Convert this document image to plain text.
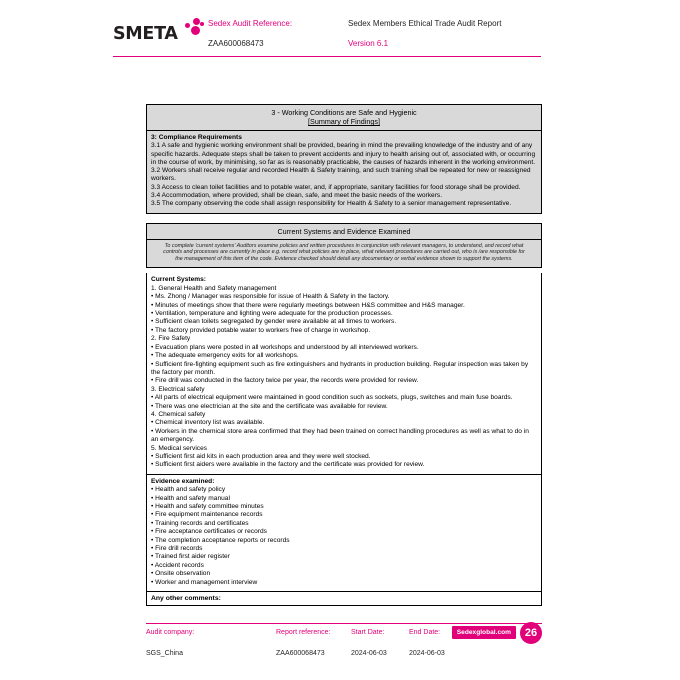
SMETA
Sedex Audit Reference:
ZAA600068473
Sedex Members Ethical Trade Audit Report
Version 6.1
3 - Working Conditions are Safe and Hygienic
[Summary of Findings]

3: Compliance Requirements

3.1 A safe and hygienic working environment shall be provided, bearing in mind the prevailing knowledge of the industry and of any specific hazards. Adequate steps shall be taken to prevent accidents and injury to health arising out of, associated with, or occurring in the course of work, by minimising, so far as is reasonably practicable, the causes of hazards inherent in the working environment.

3.2 Workers shall receive regular and recorded Health & Safety training, and such training shall be repeated for new or reassigned workers.

3.3 Access to clean toilet facilities and to potable water, and, if appropriate, sanitary facilities for food storage shall be provided.

3.4 Accommodation, where provided, shall be clean, safe, and meet the basic needs of the workers.

3.5 The company observing the code shall assign responsibility for Health & Safety to a senior management representative.

Current Systems and Evidence Examined
To complete 'current systems' Auditors examine policies and written procedures in conjunction with relevant managers, to understand, and record what controls and processes are currently in place e.g. record what policies are in place, what relevant procedures are carried out, who is /are responsible for the management of this item of the code. Evidence checked should detail any documentary or verbal evidence shown to support the systems.

Current Systems:

1. General Health and Safety management

• Ms. Zhong / Manager was responsible for issue of Health & Safety in the factory.

• Minutes of meetings show that there were regularly meetings between H&S committee and H&S manager.

• Ventilation, temperature and lighting were adequate for the production processes.

• Sufficient clean toilets segregated by gender were available at all times to workers.

• The factory provided potable water to workers free of charge in workshop.

2. Fire Safety

• Evacuation plans were posted in all workshops and understood by all interviewed workers.

• The adequate emergency exits for all workshops.

• Sufficient fire-fighting equipment such as fire extinguishers and hydrants in production building. Regular inspection was taken by the factory per month.

• Fire drill was conducted in the factory twice per year, the records were provided for review.

3. Electrical safety

• All parts of electrical equipment were maintained in good condition such as sockets, plugs, switches and main fuse boards.

• There was one electrician at the site and the certificate was available for review.

4. Chemical safety

• Chemical inventory list was available.

• Workers in the chemical store area confirmed that they had been trained on correct handling procedures as well as what to do in an emergency.

5. Medical services

• Sufficient first aid kits in each production area and they were well stocked.

• Sufficient first aiders were available in the factory and the certificate was provided for review.

Evidence examined:

• Health and safety policy

• Health and safety manual

• Health and safety committee minutes

• Fire equipment maintenance records

• Training records and certificates

• Fire acceptance certificates or records

• The completion acceptance reports or records

• Fire drill records

• Trained first aider register

• Accident records

• Onsite observation

• Worker and management interview

Any other comments:
Audit company:
SGS_China
Report reference:
ZAA600068473
Start Date:
2024-06-03
End Date:
2024-06-03
Sedexglobal.com	26
